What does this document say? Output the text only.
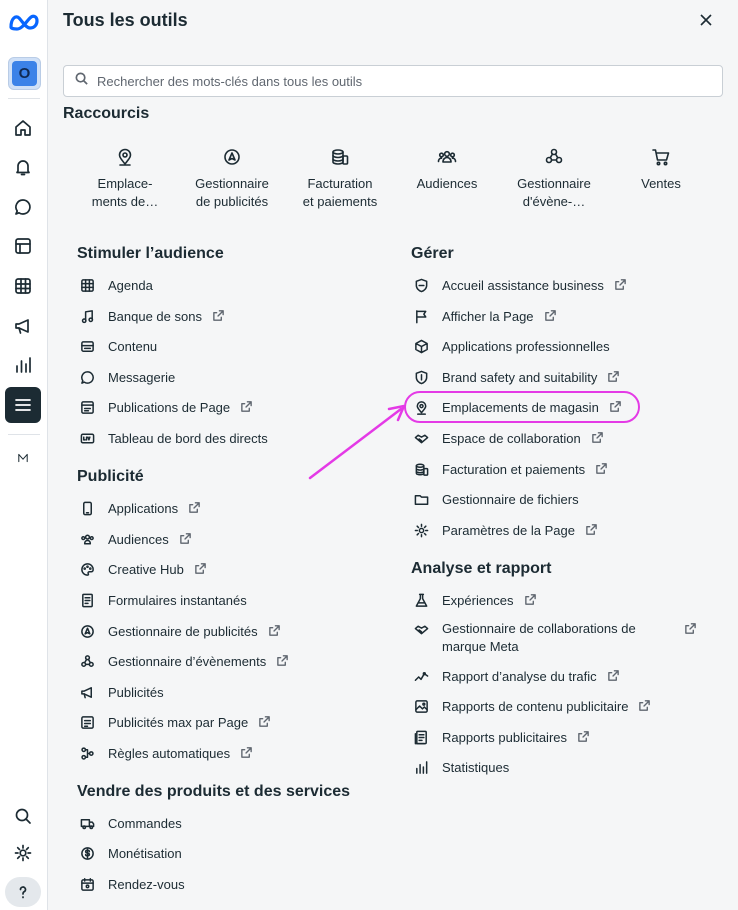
O
Tous les outils
Rechercher des mots-clés dans tous les outils
Raccourcis
Emplace-
ments de…
Gestionnaire
de publicités
Facturation
et paiements
Audiences	Gestionnaire
d'évène-…
Ventes
Stimuler l’audience
Agenda
Banque de sons
Contenu
Messagerie
Publications de Page
Tableau de bord des directs
Publicité
Applications
Audiences
Creative Hub
Formulaires instantanés
Gestionnaire de publicités
Gestionnaire d’évènements
Publicités
Publicités max par Page
Règles automatiques
Vendre des produits et des services
Commandes
Monétisation
Rendez-vous
Gérer
Accueil assistance business
Afficher la Page
Applications professionnelles
Brand safety and suitability
Emplacements de magasin
Espace de collaboration
Facturation et paiements
Gestionnaire de fichiers
Paramètres de la Page
Analyse et rapport
Expériences
Gestionnaire de collaborations de marque Meta
Rapport d’analyse du trafic
Rapports de contenu publicitaire
Rapports publicitaires
Statistiques
